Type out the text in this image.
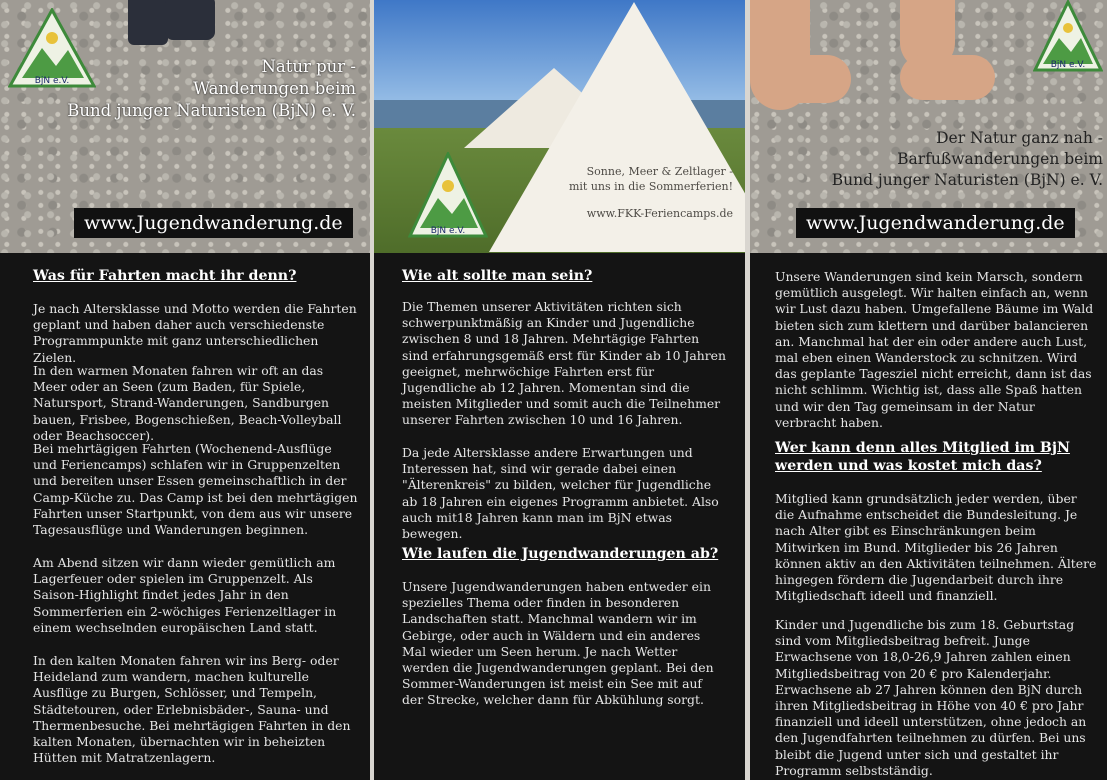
BjN e.V.
Natur pur -
Wanderungen beim
Bund junger Naturisten (BjN) e. V.
www.Jugendwanderung.de
Was für Fahrten macht ihr denn?

Je nach Altersklasse und Motto werden die Fahrten geplant und haben daher auch verschiedenste Programmpunkte mit ganz unterschiedlichen Zielen.

In den warmen Monaten fahren wir oft an das Meer oder an Seen (zum Baden, für Spiele, Natursport, Strand-Wanderungen, Sandburgen bauen, Frisbee, Bogenschießen, Beach-Volleyball oder Beachsoccer).

Bei mehrtägigen Fahrten (Wochenend-Ausflüge und Feriencamps) schlafen wir in Gruppenzelten und bereiten unser Essen gemeinschaftlich in der Camp-Küche zu. Das Camp ist bei den mehrtägigen Fahrten unser Startpunkt, von dem aus wir unsere Tagesausflüge und Wanderungen beginnen.

Am Abend sitzen wir dann wieder gemütlich am Lagerfeuer oder spielen im Gruppenzelt. Als Saison-Highlight findet jedes Jahr in den Sommerferien ein 2-wöchiges Ferienzeltlager in einem wechselnden europäischen Land statt.

In den kalten Monaten fahren wir ins Berg- oder Heideland zum wandern, machen kulturelle Ausflüge zu Burgen, Schlösser, und Tempeln, Städtetouren, oder Erlebnisbäder-, Sauna- und Thermenbesuche. Bei mehrtägigen Fahrten in den kalten Monaten, übernachten wir in beheizten Hütten mit Matratzenlagern.

BjN e.V.
Sonne, Meer & Zeltlager -
mit uns in die Sommerferien!
www.FKK-Feriencamps.de
Wie alt sollte man sein?

Die Themen unserer Aktivitäten richten sich schwerpunktmäßig an Kinder und Jugendliche zwischen 8 und 18 Jahren. Mehrtägige Fahrten sind erfahrungsgemäß erst für Kinder ab 10 Jahren geeignet, mehrwöchige Fahrten erst für Jugendliche ab 12 Jahren. Momentan sind die meisten Mitglieder und somit auch die Teilnehmer unserer Fahrten zwischen 10 und 16 Jahren.

Da jede Altersklasse andere Erwartungen und Interessen hat, sind wir gerade dabei einen "Älterenkreis" zu bilden, welcher für Jugendliche ab 18 Jahren ein eigenes Programm anbietet. Also auch mit18 Jahren kann man im BjN etwas bewegen.

Wie laufen die Jugendwanderungen ab?

Unsere Jugendwanderungen haben entweder ein spezielles Thema oder finden in besonderen Landschaften statt. Manchmal wandern wir im Gebirge, oder auch in Wäldern und ein anderes Mal wieder um Seen herum. Je nach Wetter werden die Jugendwanderungen geplant. Bei den Sommer-Wanderungen ist meist ein See mit auf der Strecke, welcher dann für Abkühlung sorgt.

BjN e.V.
Der Natur ganz nah -
Barfußwanderungen beim
Bund junger Naturisten (BjN) e. V.
www.Jugendwanderung.de

Unsere Wanderungen sind kein Marsch, sondern gemütlich ausgelegt. Wir halten einfach an, wenn wir Lust dazu haben. Umgefallene Bäume im Wald bieten sich zum klettern und darüber balancieren an. Manchmal hat der ein oder andere auch Lust, mal eben einen Wanderstock zu schnitzen. Wird das geplante Tagesziel nicht erreicht, dann ist das nicht schlimm. Wichtig ist, dass alle Spaß hatten und wir den Tag gemeinsam in der Natur verbracht haben.

Wer kann denn alles Mitglied im BjN werden und was kostet mich das?

Mitglied kann grundsätzlich jeder werden, über die Aufnahme entscheidet die Bundesleitung. Je nach Alter gibt es Einschränkungen beim Mitwirken im Bund. Mitglieder bis 26 Jahren können aktiv an den Aktivitäten teilnehmen. Ältere hingegen fördern die Jugendarbeit durch ihre Mitgliedschaft ideell und finanziell.

Kinder und Jugendliche bis zum 18. Geburtstag sind vom Mitgliedsbeitrag befreit. Junge Erwachsene von 18,0-26,9 Jahren zahlen einen Mitgliedsbeitrag von 20 € pro Kalenderjahr. Erwachsene ab 27 Jahren können den BjN durch ihren Mitgliedsbeitrag in Höhe von 40 € pro Jahr finanziell und ideell unterstützen, ohne jedoch an den Jugendfahrten teilnehmen zu dürfen. Bei uns bleibt die Jugend unter sich und gestaltet ihr Programm selbstständig.
